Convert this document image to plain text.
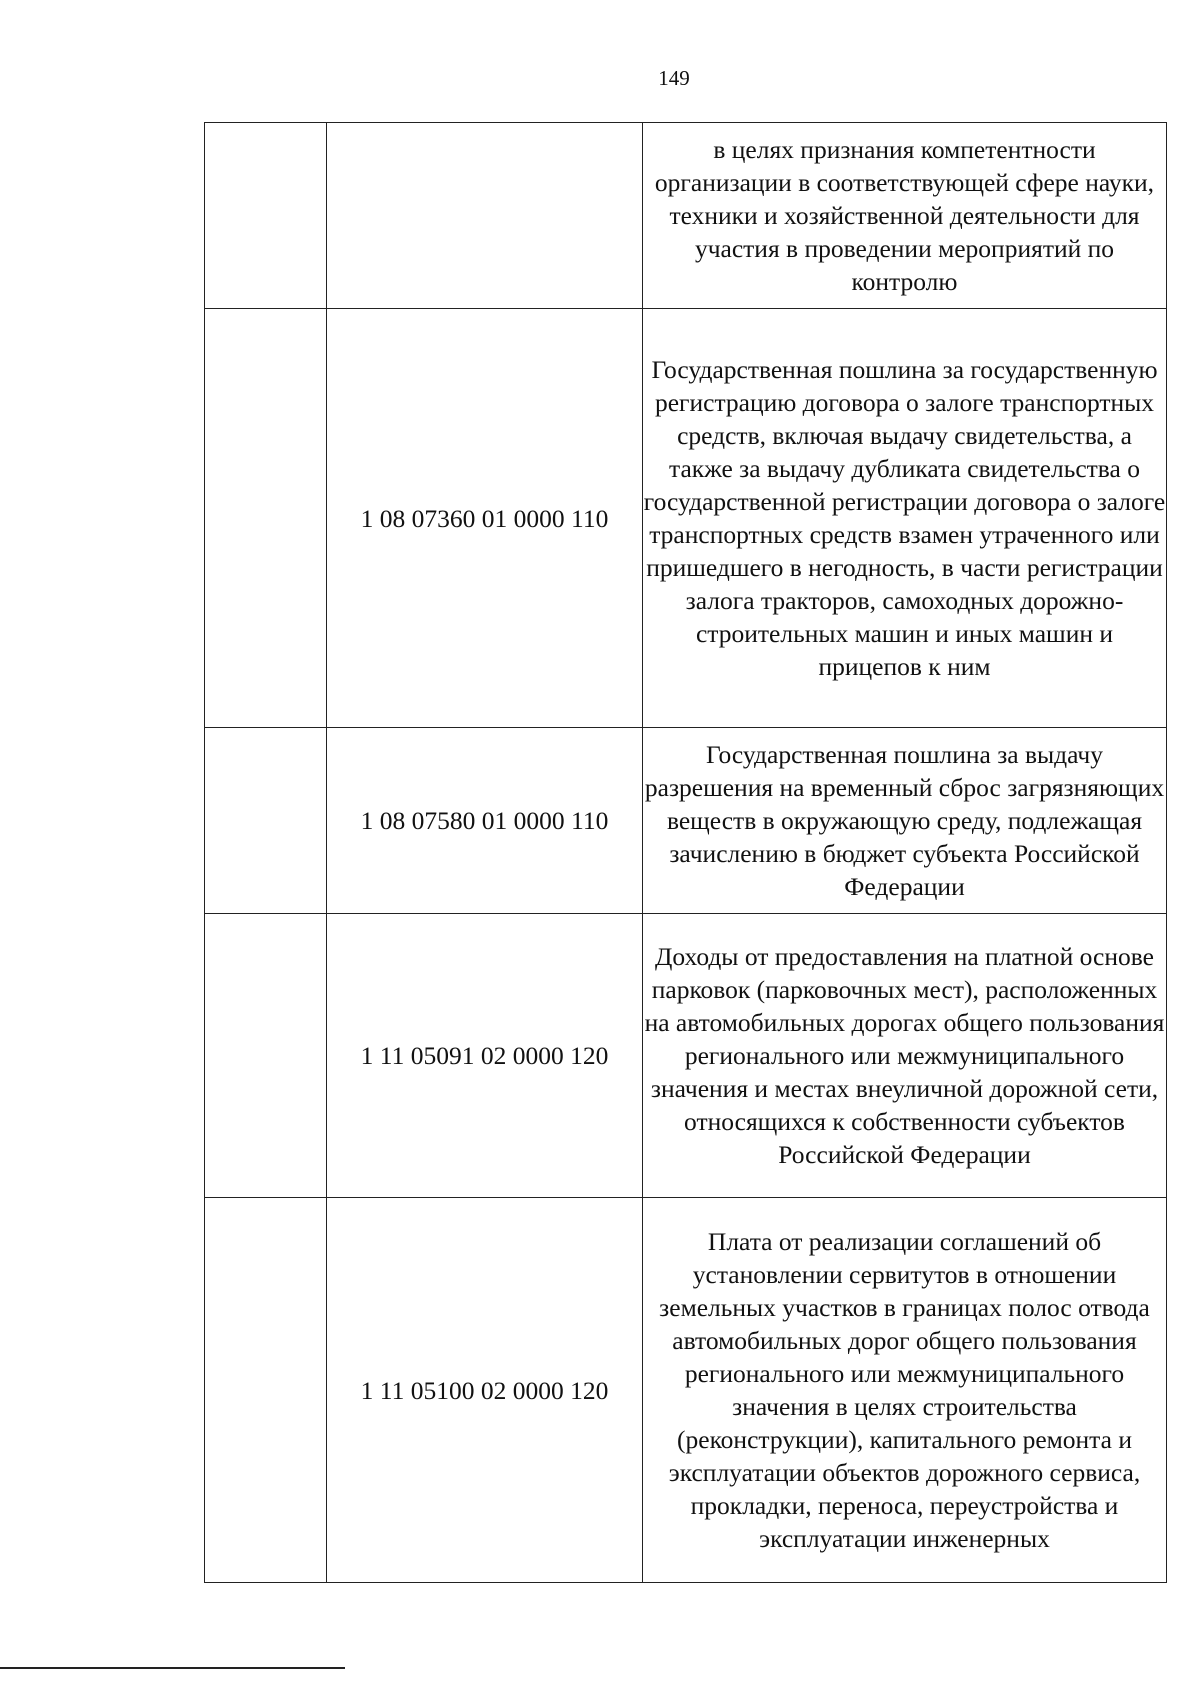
149
		в целях признания компетентности организации в соответствующей сфере науки, техники и хозяйственной деятельности для участия в проведении мероприятий по контролю
	1 08 07360 01 0000 110	Государственная пошлина за государственную регистрацию договора о залоге транспортных средств, включая выдачу свидетельства, а также за выдачу дубликата свидетельства о государственной регистрации договора о залоге транспортных средств взамен утраченного или пришедшего в негодность, в части регистрации залога тракторов, самоходных дорожно-строительных машин и иных машин и прицепов к ним
	1 08 07580 01 0000 110	Государственная пошлина за выдачу разрешения на временный сброс загрязняющих веществ в окружающую среду, подлежащая зачислению в бюджет субъекта Российской Федерации
	1 11 05091 02 0000 120	Доходы от предоставления на платной основе парковок (парковочных мест), расположенных на автомобильных дорогах общего пользования регионального или межмуниципального значения и местах внеуличной дорожной сети, относящихся к собственности субъектов Российской Федерации
	1 11 05100 02 0000 120	Плата от реализации соглашений об установлении сервитутов в отношении земельных участков в границах полос отвода автомобильных дорог общего пользования регионального или межмуниципального значения в целях строительства (реконструкции), капитального ремонта и эксплуатации объектов дорожного сервиса, прокладки, переноса, переустройства и эксплуатации инженерных
